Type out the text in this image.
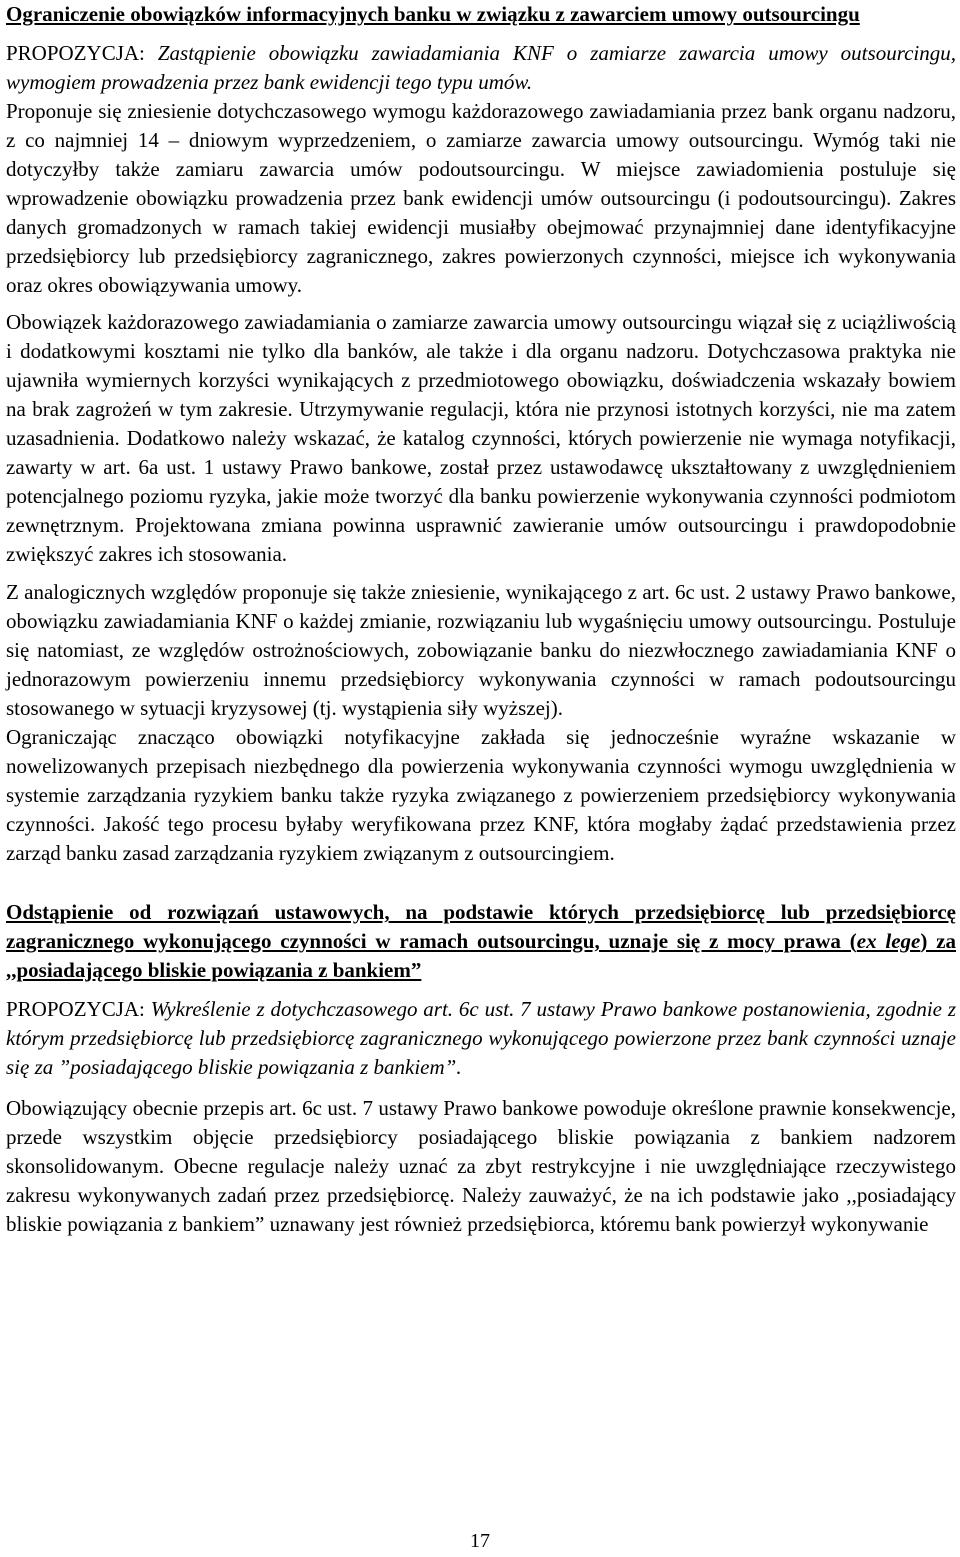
Ograniczenie obowiązków informacyjnych banku w związku z zawarciem umowy outsourcingu

PROPOZYCJA: Zastąpienie obowiązku zawiadamiania KNF o zamiarze zawarcia umowy outsourcingu, wymogiem prowadzenia przez bank ewidencji tego typu umów.

Proponuje się zniesienie dotychczasowego wymogu każdorazowego zawiadamiania przez bank organu nadzoru, z co najmniej 14 – dniowym wyprzedzeniem, o zamiarze zawarcia umowy outsourcingu. Wymóg taki nie dotyczyłby także zamiaru zawarcia umów podoutsourcingu. W miejsce zawiadomienia postuluje się wprowadzenie obowiązku prowadzenia przez bank ewidencji umów outsourcingu (i podoutsourcingu). Zakres danych gromadzonych w ramach takiej ewidencji musiałby obejmować przynajmniej dane identyfikacyjne przedsiębiorcy lub przedsiębiorcy zagranicznego, zakres powierzonych czynności, miejsce ich wykonywania oraz okres obowiązywania umowy.

Obowiązek każdorazowego zawiadamiania o zamiarze zawarcia umowy outsourcingu wiązał się z uciążliwością i dodatkowymi kosztami nie tylko dla banków, ale także i dla organu nadzoru. Dotychczasowa praktyka nie ujawniła wymiernych korzyści wynikających z przedmiotowego obowiązku, doświadczenia wskazały bowiem na brak zagrożeń w tym zakresie. Utrzymywanie regulacji, która nie przynosi istotnych korzyści, nie ma zatem uzasadnienia. Dodatkowo należy wskazać, że katalog czynności, których powierzenie nie wymaga notyfikacji, zawarty w art. 6a ust. 1 ustawy Prawo bankowe, został przez ustawodawcę ukształtowany z uwzględnieniem potencjalnego poziomu ryzyka, jakie może tworzyć dla banku powierzenie wykonywania czynności podmiotom zewnętrznym. Projektowana zmiana powinna usprawnić zawieranie umów outsourcingu i prawdopodobnie zwiększyć zakres ich stosowania.

Z analogicznych względów proponuje się także zniesienie, wynikającego z art. 6c ust. 2 ustawy Prawo bankowe, obowiązku zawiadamiania KNF o każdej zmianie, rozwiązaniu lub wygaśnięciu umowy outsourcingu. Postuluje się natomiast, ze względów ostrożnościowych, zobowiązanie banku do niezwłocznego zawiadamiania KNF o jednorazowym powierzeniu innemu przedsiębiorcy wykonywania czynności w ramach podoutsourcingu stosowanego w sytuacji kryzysowej (tj. wystąpienia siły wyższej).

Ograniczając znacząco obowiązki notyfikacyjne zakłada się jednocześnie wyraźne wskazanie w nowelizowanych przepisach niezbędnego dla powierzenia wykonywania czynności wymogu uwzględnienia w systemie zarządzania ryzykiem banku także ryzyka związanego z powierzeniem przedsiębiorcy wykonywania czynności. Jakość tego procesu byłaby weryfikowana przez KNF, która mogłaby żądać przedstawienia przez zarząd banku zasad zarządzania ryzykiem związanym z outsourcingiem.

Odstąpienie od rozwiązań ustawowych, na podstawie których przedsiębiorcę lub przedsiębiorcę zagranicznego wykonującego czynności w ramach outsourcingu, uznaje się z mocy prawa (ex lege) za ,,posiadającego bliskie powiązania z bankiem”

PROPOZYCJA: Wykreślenie z dotychczasowego art. 6c ust. 7 ustawy Prawo bankowe postanowienia, zgodnie z którym przedsiębiorcę lub przedsiębiorcę zagranicznego wykonującego powierzone przez bank czynności uznaje się za ”posiadającego bliskie powiązania z bankiem”.

Obowiązujący obecnie przepis art. 6c ust. 7 ustawy Prawo bankowe powoduje określone prawnie konsekwencje, przede wszystkim objęcie przedsiębiorcy posiadającego bliskie powiązania z bankiem nadzorem skonsolidowanym. Obecne regulacje należy uznać za zbyt restrykcyjne i nie uwzględniające rzeczywistego zakresu wykonywanych zadań przez przedsiębiorcę. Należy zauważyć, że na ich podstawie jako ,,posiadający bliskie powiązania z bankiem” uznawany jest również przedsiębiorca, któremu bank powierzył wykonywanie

17
